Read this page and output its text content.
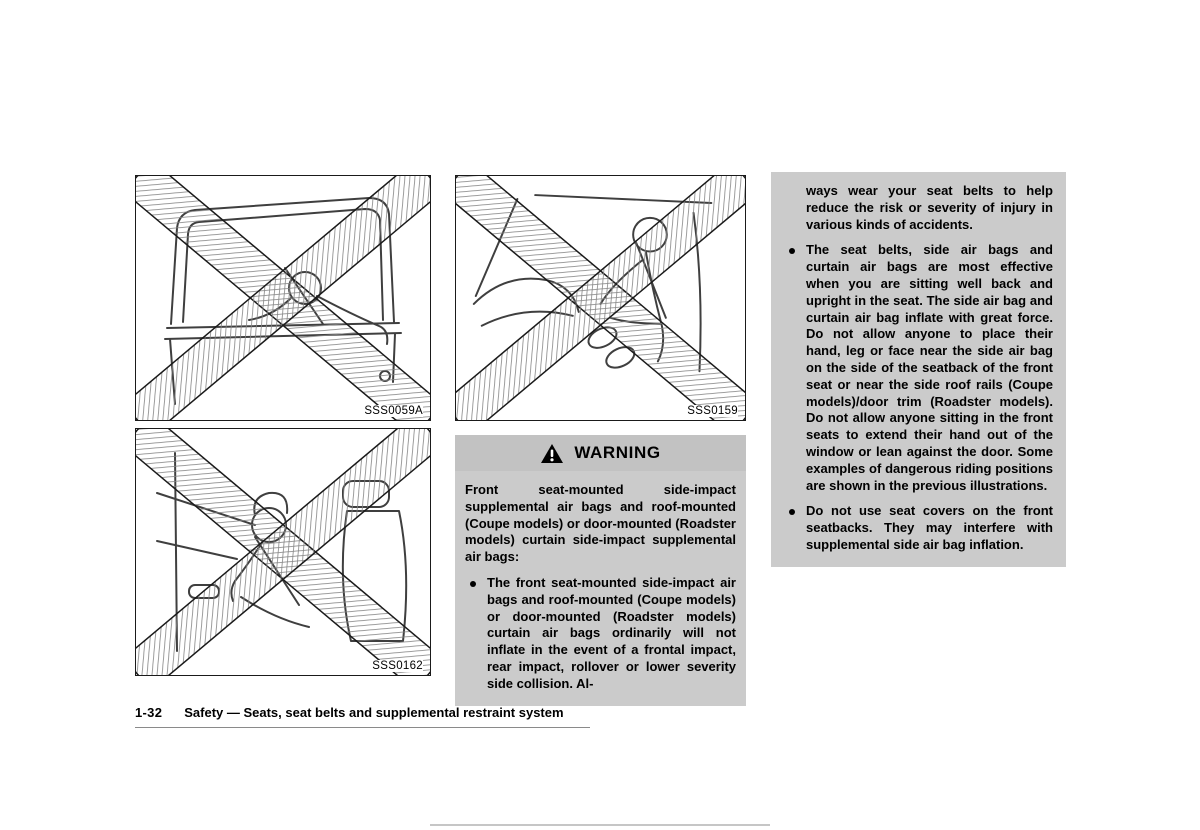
SSS0059A	SSS0159
SSS0162
WARNING

Front seat-mounted side-impact supplemental air bags and roof-mounted (Coupe models) or door-mounted (Roadster models) curtain side-impact supplemental air bags:

The front seat-mounted side-impact air bags and roof-mounted (Coupe models) or door-mounted (Roadster models) curtain air bags ordinarily will not inflate in the event of a frontal impact, rear impact, rollover or lower severity side collision. Al-

ways wear your seat belts to help reduce the risk or severity of injury in various kinds of accidents.

The seat belts, side air bags and curtain air bags are most effective when you are sitting well back and upright in the seat. The side air bag and curtain air bag inflate with great force. Do not allow anyone to place their hand, leg or face near the side air bag on the side of the seatback of the front seat or near the side roof rails (Coupe models)/door trim (Roadster models). Do not allow anyone sitting in the front seats to extend their hand out of the window or lean against the door. Some examples of dangerous riding positions are shown in the previous illustrations.

Do not use seat covers on the front seatbacks. They may interfere with supplemental side air bag inflation.

1-32 Safety — Seats, seat belts and supplemental restraint system
